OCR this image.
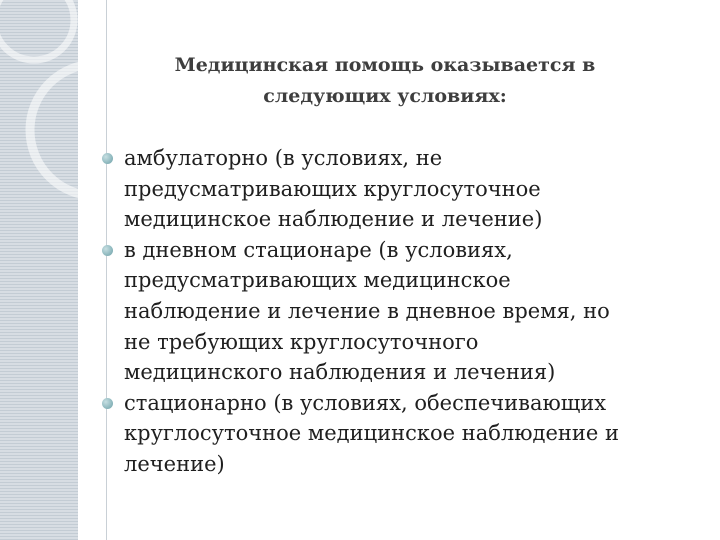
Медицинская помощь оказывается в
следующих условиях:
амбулаторно (в условиях, не
предусматривающих круглосуточное
медицинское наблюдение и лечение)
в дневном стационаре (в условиях,
предусматривающих медицинское
наблюдение и лечение в дневное время, но
не требующих круглосуточного
медицинского наблюдения и лечения)
стационарно (в условиях, обеспечивающих
круглосуточное медицинское наблюдение и
лечение)
